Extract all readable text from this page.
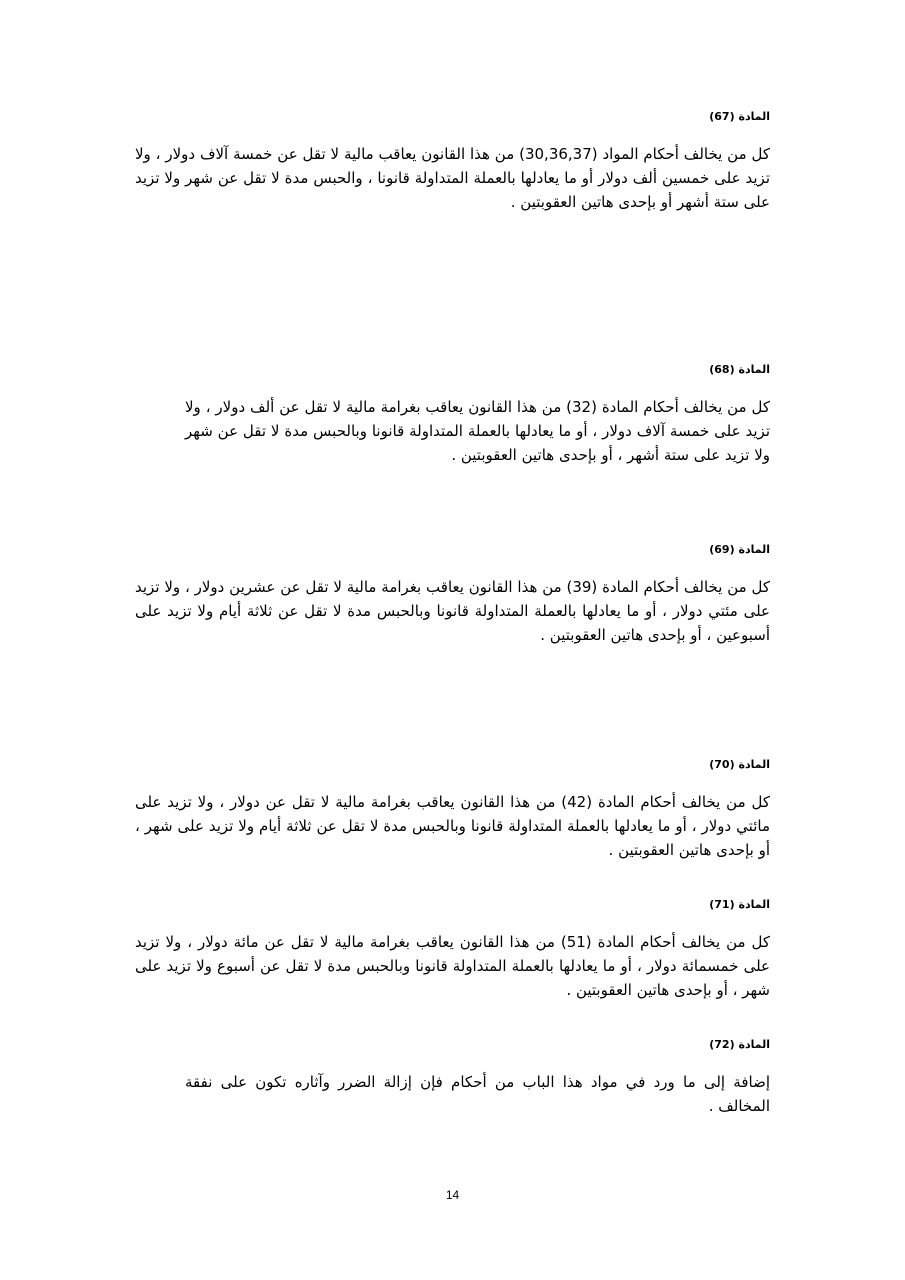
المادة (67)

كل من يخالف أحكام المواد (30,36,37) من هذا القانون يعاقب مالية لا تقل عن خمسة آلاف دولار ، ولا تزيد على خمسين ألف دولار أو ما يعادلها بالعملة المتداولة قانونا ، والحبس مدة لا تقل عن شهر ولا تزيد على ستة أشهر أو بإحدى هاتين العقوبتين .

المادة (68)

كل من يخالف أحكام المادة (32) من هذا القانون يعاقب بغرامة مالية لا تقل عن ألف دولار ، ولا تزيد على خمسة آلاف دولار ، أو ما يعادلها بالعملة المتداولة قانونا وبالحبس مدة لا تقل عن شهر ولا تزيد على ستة أشهر ، أو بإحدى هاتين العقوبتين .

المادة (69)

كل من يخالف أحكام المادة (39) من هذا القانون يعاقب بغرامة مالية لا تقل عن عشرين دولار ، ولا تزيد على مئتي دولار ، أو ما يعادلها بالعملة المتداولة قانونا وبالحبس مدة لا تقل عن ثلاثة أيام ولا تزيد على أسبوعين ، أو بإحدى هاتين العقوبتين .

المادة (70)

كل من يخالف أحكام المادة (42) من هذا القانون يعاقب بغرامة مالية لا تقل عن دولار ، ولا تزيد على مائتي دولار ، أو ما يعادلها بالعملة المتداولة قانونا وبالحبس مدة لا تقل عن ثلاثة أيام ولا تزيد على شهر ، أو بإحدى هاتين العقوبتين .

المادة (71)

كل من يخالف أحكام المادة (51) من هذا القانون يعاقب بغرامة مالية لا تقل عن مائة دولار ، ولا تزيد على خمسمائة دولار ، أو ما يعادلها بالعملة المتداولة قانونا وبالحبس مدة لا تقل عن أسبوع ولا تزيد على شهر ، أو بإحدى هاتين العقوبتين .

المادة (72)

إضافة إلى ما ورد في مواد هذا الباب من أحكام فإن إزالة الضرر وآثاره تكون على نفقة المخالف .

14
